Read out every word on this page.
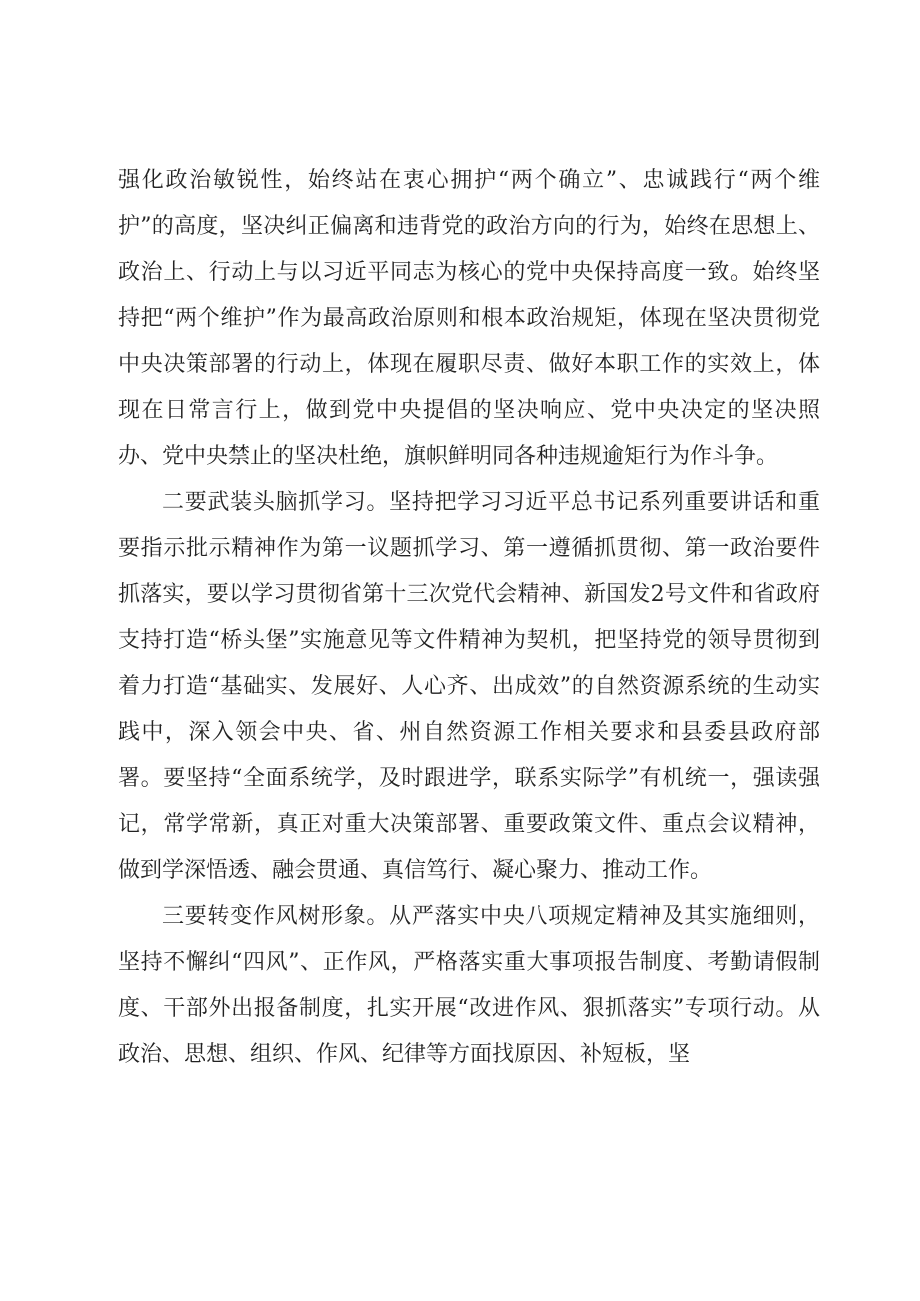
强化政治敏锐性，始终站在衷心拥护“两个确立”、忠诚践行“两个维护”的高度，坚决纠正偏离和违背党的政治方向的行为，始终在思想上、政治上、行动上与以习近平同志为核心的党中央保持高度一致。始终坚持把“两个维护”作为最高政治原则和根本政治规矩，体现在坚决贯彻党中央决策部署的行动上，体现在履职尽责、做好本职工作的实效上，体现在日常言行上，做到党中央提倡的坚决响应、党中央决定的坚决照办、党中央禁止的坚决杜绝，旗帜鲜明同各种违规逾矩行为作斗争。

二要武装头脑抓学习。坚持把学习习近平总书记系列重要讲话和重要指示批示精神作为第一议题抓学习、第一遵循抓贯彻、第一政治要件抓落实，要以学习贯彻省第十三次党代会精神、新国发2号文件和省政府支持打造“桥头堡”实施意见等文件精神为契机，把坚持党的领导贯彻到着力打造“基础实、发展好、人心齐、出成效”的自然资源系统的生动实践中，深入领会中央、省、州自然资源工作相关要求和县委县政府部署。要坚持“全面系统学，及时跟进学，联系实际学”有机统一，强读强记，常学常新，真正对重大决策部署、重要政策文件、重点会议精神，做到学深悟透、融会贯通、真信笃行、凝心聚力、推动工作。

三要转变作风树形象。从严落实中央八项规定精神及其实施细则，坚持不懈纠“四风”、正作风，严格落实重大事项报告制度、考勤请假制度、干部外出报备制度，扎实开展“改进作风、狠抓落实”专项行动。从政治、思想、组织、作风、纪律等方面找原因、补短板，坚
